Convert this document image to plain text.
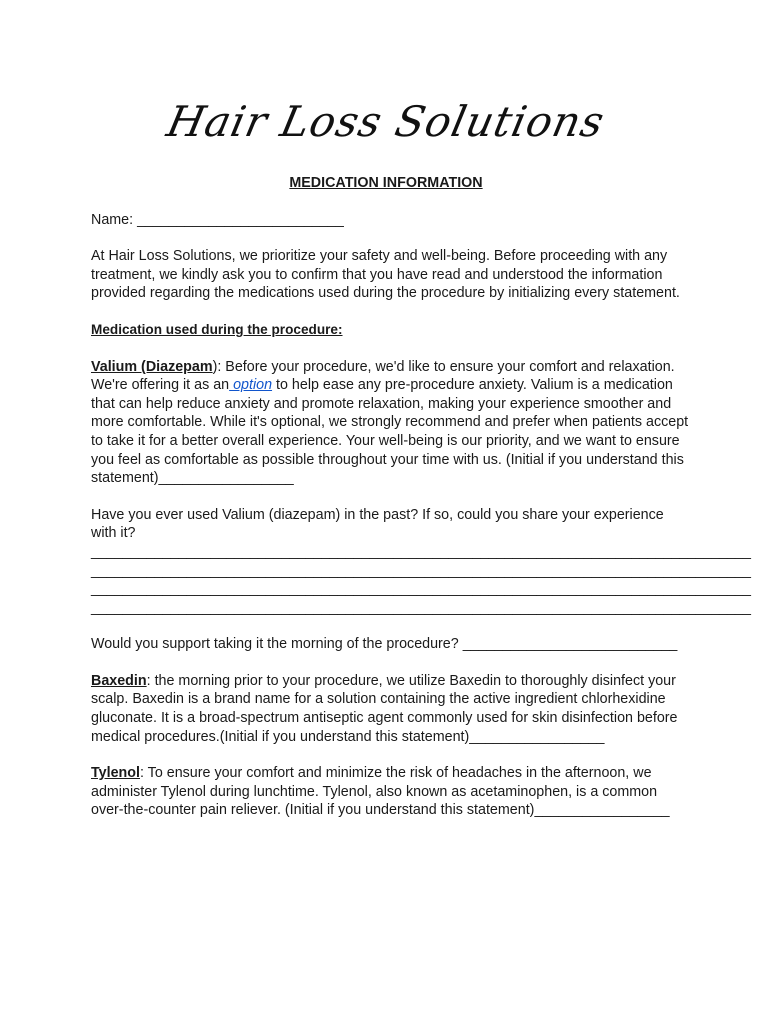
Hair Loss Solutions
MEDICATION INFORMATION

Name: __________________________

At Hair Loss Solutions, we prioritize your safety and well-being. Before proceeding with any treatment, we kindly ask you to confirm that you have read and understood the information provided regarding the medications used during the procedure by initializing every statement.

Medication used during the procedure:

Valium (Diazepam): Before your procedure, we'd like to ensure your comfort and relaxation. We're offering it as an option to help ease any pre-procedure anxiety. Valium is a medication that can help reduce anxiety and promote relaxation, making your experience smoother and more comfortable. While it's optional, we strongly recommend and prefer when patients accept to take it for a better overall experience. Your well-being is our priority, and we want to ensure you feel as comfortable as possible throughout your time with us. (Initial if you understand this statement)_________________

Have you ever used Valium (diazepam) in the past? If so, could you share your experience with it?

___________________________________________________________________________________
___________________________________________________________________________________
___________________________________________________________________________________
___________________________________________________________________________________

Would you support taking it the morning of the procedure? ___________________________

Baxedin: the morning prior to your procedure, we utilize Baxedin to thoroughly disinfect your scalp. Baxedin is a brand name for a solution containing the active ingredient chlorhexidine gluconate. It is a broad-spectrum antiseptic agent commonly used for skin disinfection before medical procedures.(Initial if you understand this statement)_________________

Tylenol: To ensure your comfort and minimize the risk of headaches in the afternoon, we administer Tylenol during lunchtime. Tylenol, also known as acetaminophen, is a common over-the-counter pain reliever. (Initial if you understand this statement)_________________
